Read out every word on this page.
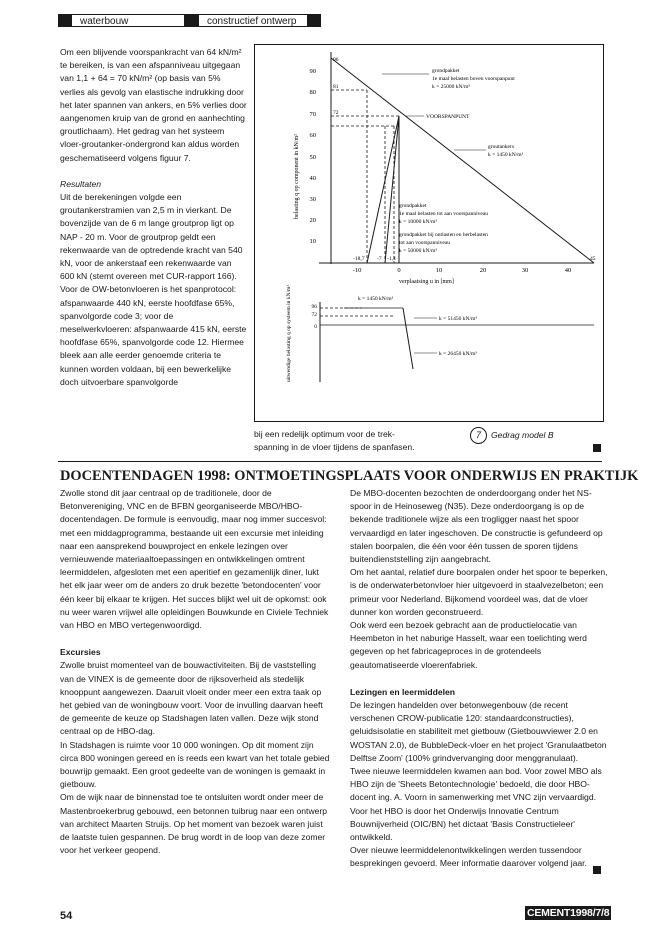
waterbouw	constructief ontwerp

Om een blijvende voorspankracht van 64 kN/m² te bereiken, is van een afspanniveau uitgegaan van 1,1 + 64 = 70 kN/m² (op basis van 5% verlies als gevolg van elastische indrukking door het later spannen van ankers, en 5% verlies door aangenomen kruip van de grond en aanhechting groutlichaam). Het gedrag van het systeem vloer-groutanker-ondergrond kan aldus worden geschematiseerd volgens figuur 7.

Resultaten

Uit de berekeningen volgde een groutankerstramien van 2,5 m in vierkant. De bovenzijde van de 6 m lange groutprop ligt op NAP - 20 m. Voor de groutprop geldt een rekenwaarde van de optredende kracht van 540 kN, voor de ankerstaaf een rekenwaarde van 600 kN (stemt overeen met CUR-rapport 166). Voor de OW-betonvloeren is het spanprotocol: afspanwaarde 440 kN, eerste hoofdfase 65%, spanvolgorde code 3; voor de meselwerkvloeren: afspanwaarde 415 kN, eerste hoofdfase 65%, spanvolgorde code 12. Hiermee bleek aan alle eerder genoemde criteria te kunnen worden voldaan, bij een bewerkelijke doch uitvoerbare spanvolgorde

90
80
70
60
50
40
30
20
10
belasting q op component in kN/m²
-10	0	10	20	30	40
verplaatsing u in [mm]
96
81
72
-18,7 -7 -1,4	45
grondpakket
1e maal belasten boven voorspanpunt
k = 25000 kN/m³
VOORSPANPUNT
groutankers
k = 1450 kN/m³
grondpakket
1e maal belasten tot aan voorspanniveau
k = 10000 kN/m³
grondpakket bij ontlasten en herbelasten
tot aan voorspanniveau
k = 50000 kN/m³
96
72
0
uitwendige belasting q op systeem in kN/m²	k = 1450 kN/m³
k = 51450 kN/m³
k = 26450 kN/m³
bij een redelijk optimum voor de trek-
spanning in de vloer tijdens de spanfasen.
7	Gedrag model B
DOCENTENDAGEN 1998: ONTMOETINGSPLAATS VOOR ONDERWIJS EN PRAKTIJK

Zwolle stond dit jaar centraal op de traditionele, door de Betonvereniging, VNC en de BFBN georganiseerde MBO/HBO-docentendagen. De formule is eenvoudig, maar nog immer succesvol: met een middagprogramma, bestaande uit een excursie met inleiding naar een aansprekend bouwproject en enkele lezingen over vernieuwende materiaaltoepassingen en ontwikkelingen omtrent leermiddelen, afgesloten met een aperitief en gezamenlijk diner, lukt het elk jaar weer om de anders zo druk bezette 'betondocenten' voor één keer bij elkaar te krijgen. Het succes blijkt wel uit de opkomst: ook nu weer waren vrijwel alle opleidingen Bouwkunde en Civiele Techniek van HBO en MBO vertegenwoordigd.

Excursies

Zwolle bruist momenteel van de bouwactiviteiten. Bij de vaststelling van de VINEX is de gemeente door de rijksoverheid als stedelijk knooppunt aangewezen. Daaruit vloeit onder meer een extra taak op het gebied van de woningbouw voort. Voor de invulling daarvan heeft de gemeente de keuze op Stadshagen laten vallen. Deze wijk stond centraal op de HBO-dag.

In Stadshagen is ruimte voor 10 000 woningen. Op dit moment zijn circa 800 woningen gereed en is reeds een kwart van het totale gebied bouwrijp gemaakt. Een groot gedeelte van de woningen is gemaakt in gietbouw.

Om de wijk naar de binnenstad toe te ontsluiten wordt onder meer de Mastenbroekerbrug gebouwd, een betonnen tuibrug naar een ontwerp van architect Maarten Struijs. Op het moment van bezoek waren juist de laatste tuien gespannen. De brug wordt in de loop van deze zomer voor het verkeer geopend.

De MBO-docenten bezochten de onderdoorgang onder het NS-spoor in de Heinoseweg (N35). Deze onderdoorgang is op de bekende traditionele wijze als een trogligger naast het spoor vervaardigd en later ingeschoven. De constructie is gefundeerd op stalen boorpalen, die één voor één tussen de sporen tijdens buitendienststelling zijn aangebracht.

Om het aantal, relatief dure boorpalen onder het spoor te beperken, is de onderwaterbetonvloer hier uitgevoerd in staalvezelbeton; een primeur voor Nederland. Bijkomend voordeel was, dat de vloer dunner kon worden geconstrueerd.

Ook werd een bezoek gebracht aan de productielocatie van Heembeton in het naburige Hasselt, waar een toelichting werd gegeven op het fabricageproces in de grotendeels geautomatiseerde vloerenfabriek.

Lezingen en leermiddelen

De lezingen handelden over betonwegenbouw (de recent verschenen CROW-publicatie 120: standaardconstructies), geluidsisolatie en stabiliteit met gietbouw (Gietbouwviewer 2.0 en WOSTAN 2.0), de BubbleDeck-vloer en het project 'Granulaatbeton Delftse Zoom' (100% grindvervanging door menggranulaat).

Twee nieuwe leermiddelen kwamen aan bod. Voor zowel MBO als HBO zijn de 'Sheets Betontechnologie' bedoeld, die door HBO-docent ing. A. Voorn in samenwerking met VNC zijn vervaardigd. Voor het HBO is door het Onderwijs Innovatie Centrum Bouwnijverheid (OIC/BN) het dictaat 'Basis Constructieleer' ontwikkeld.

Over nieuwe leermiddelenontwikkelingen werden tussendoor besprekingen gevoerd. Meer informatie daarover volgend jaar.

54	CEMENT1998/7/8
